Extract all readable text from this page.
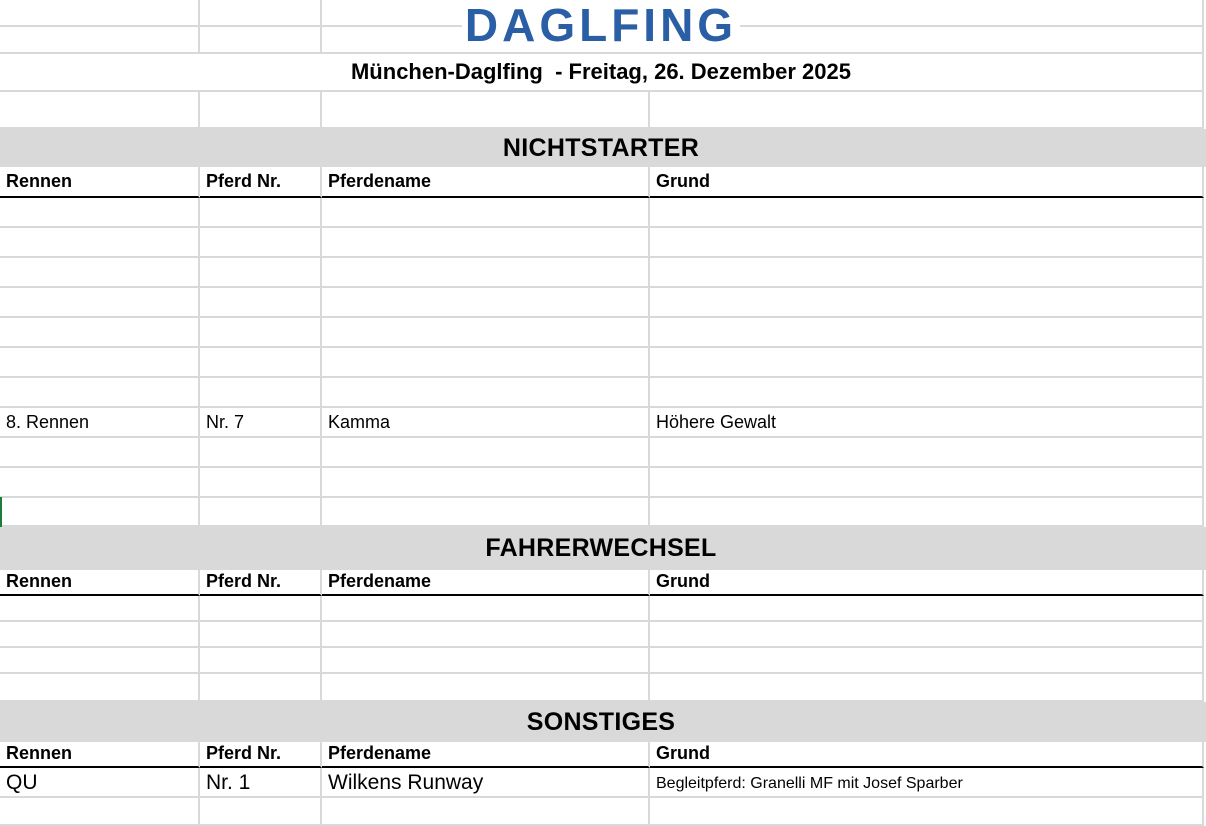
DAGLFING
München-Daglfing  - Freitag, 26. Dezember 2025
NICHTSTARTER
Rennen	Pferd Nr.	Pferdename	Grund
8. Rennen	Nr. 7	Kamma	Höhere Gewalt
FAHRERWECHSEL
Rennen	Pferd Nr.	Pferdename	Grund
SONSTIGES
Rennen	Pferd Nr.	Pferdename	Grund
QU	Nr. 1	Wilkens Runway	Begleitpferd: Granelli MF mit Josef Sparber
